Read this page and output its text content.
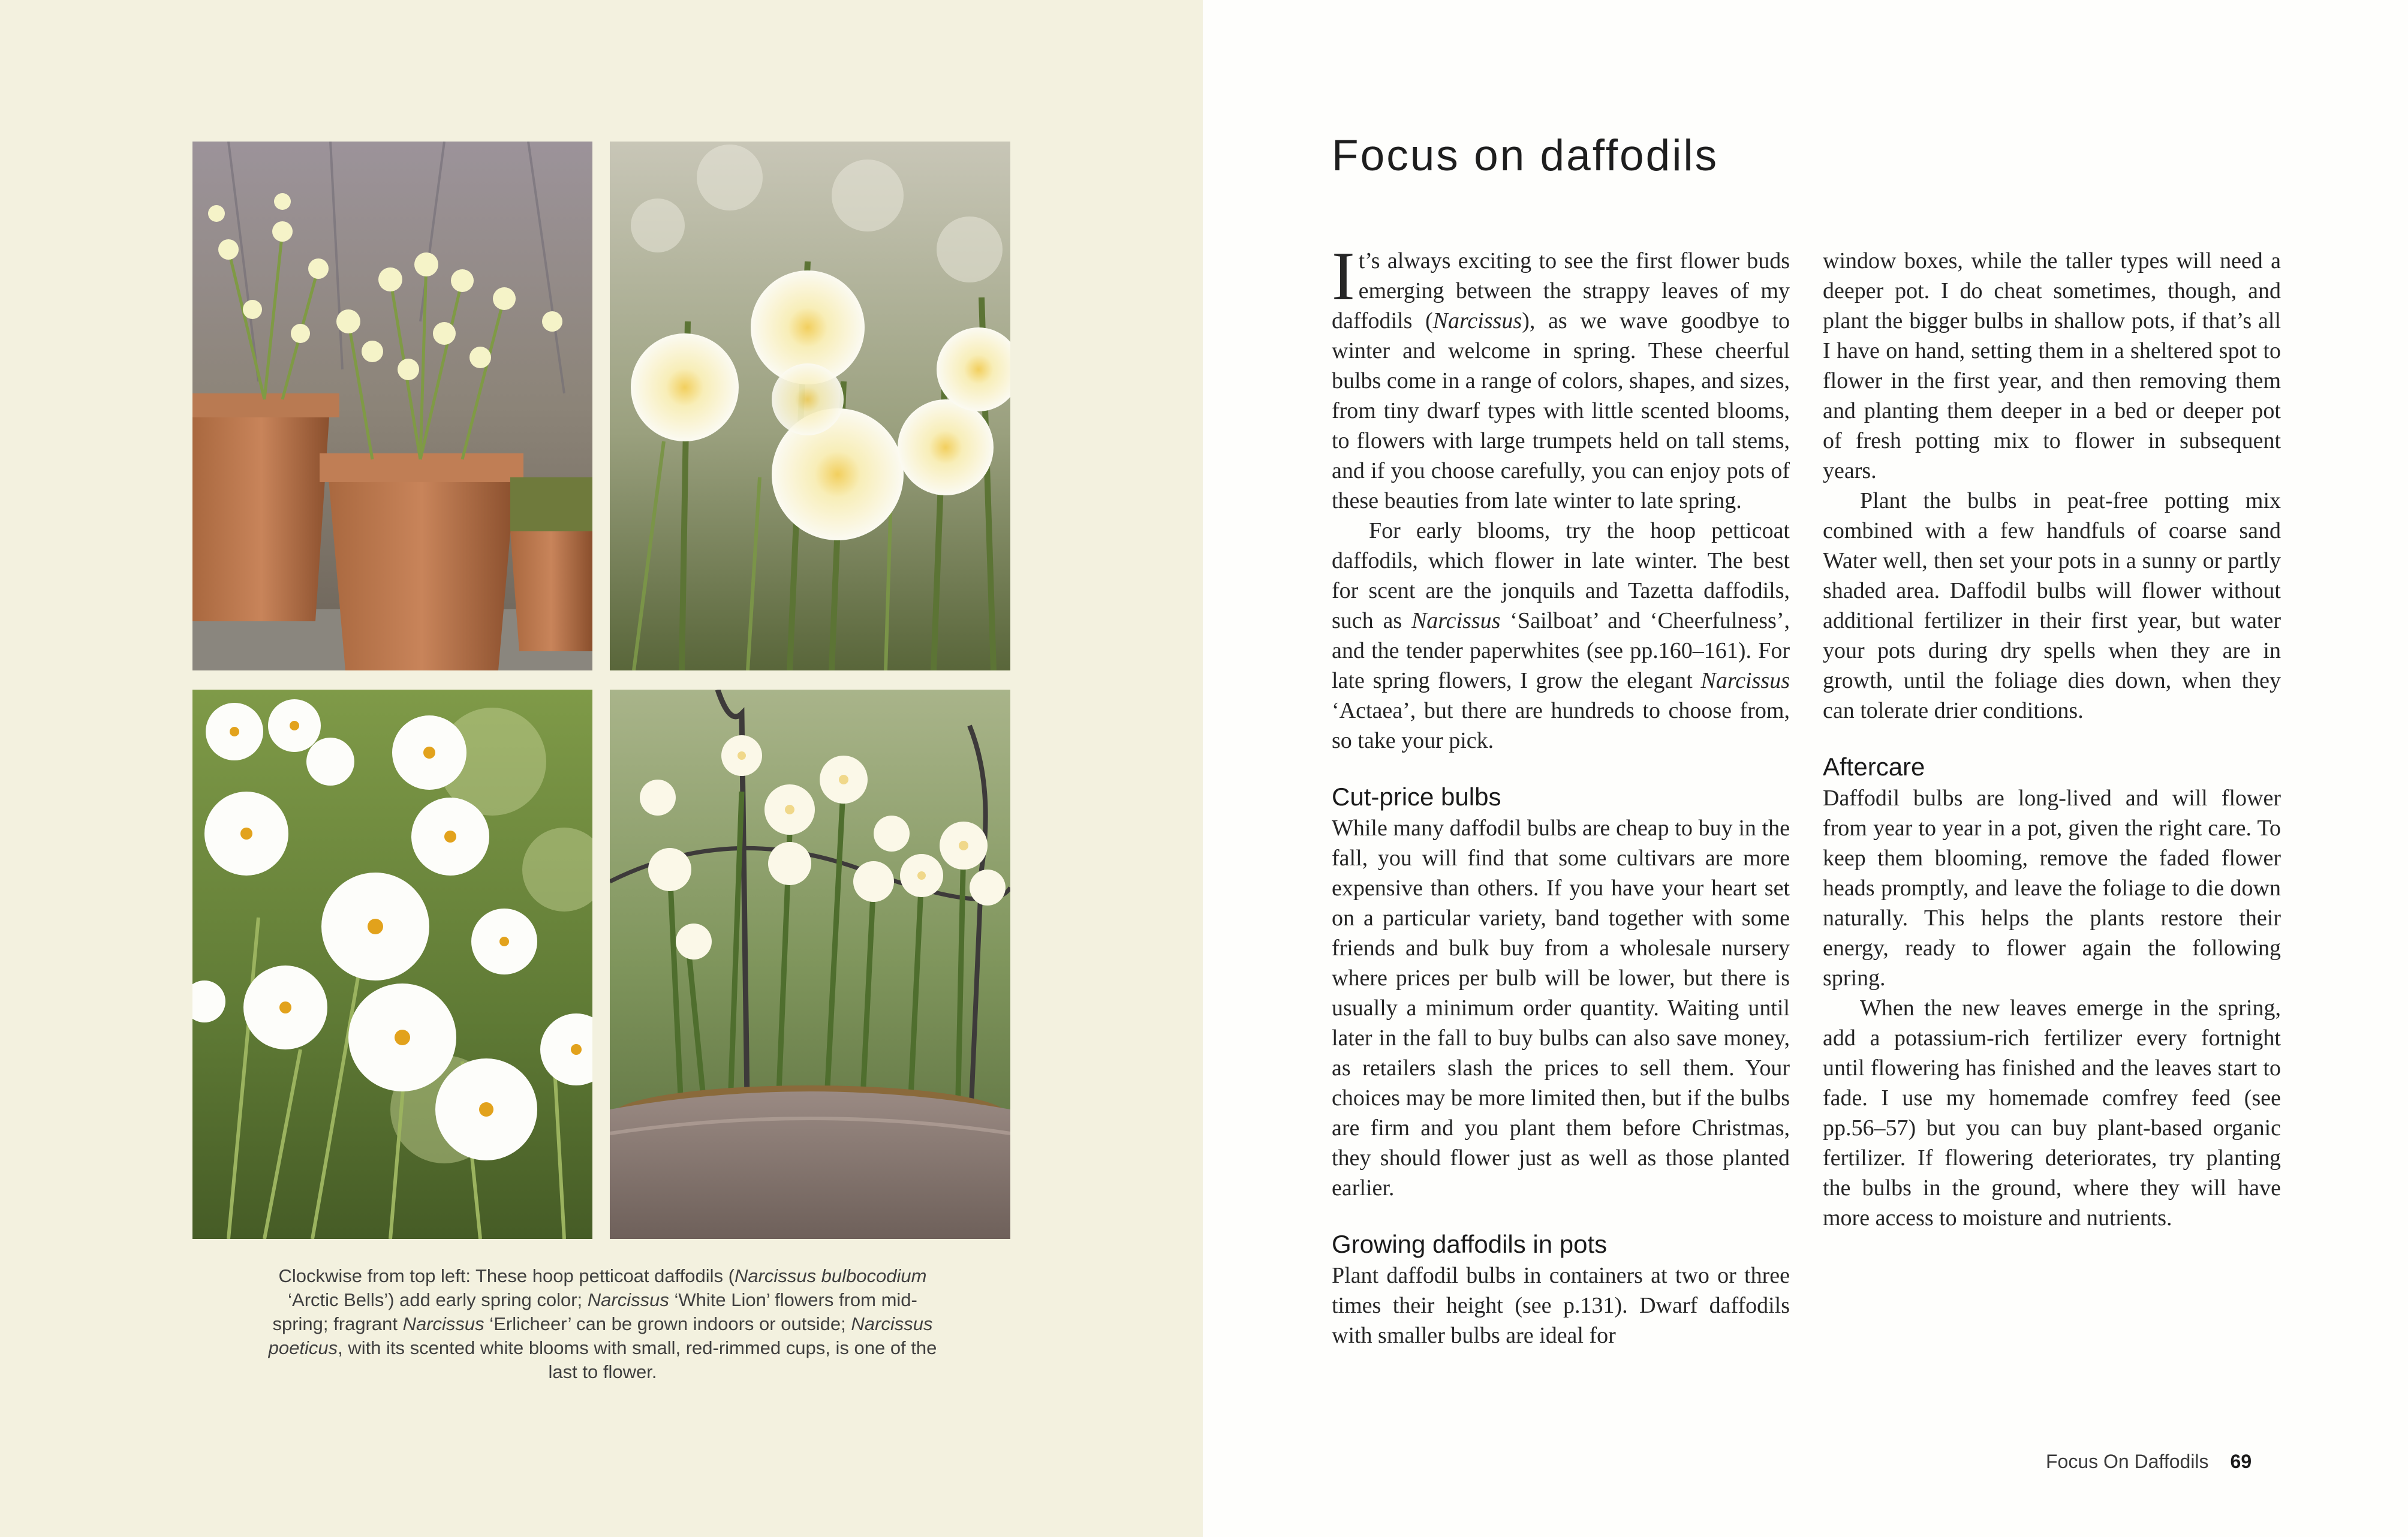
Clockwise from top left: These hoop petticoat daffodils (Narcissus bulbocodium ‘Arctic Bells’) add early spring color; Narcissus ‘White Lion’ flowers from mid-spring; fragrant Narcissus ‘Erlicheer’ can be grown indoors or outside; Narcissus poeticus, with its scented white blooms with small, red-rimmed cups, is one of the last to flower.

Focus on daffodils

It’s always exciting to see the first flower buds emerging between the strappy leaves of my daffodils (Narcissus), as we wave goodbye to winter and welcome in spring. These cheerful bulbs come in a range of colors, shapes, and sizes, from tiny dwarf types with little scented blooms, to flowers with large trumpets held on tall stems, and if you choose carefully, you can enjoy pots of these beauties from late winter to late spring.

For early blooms, try the hoop petticoat daffodils, which flower in late winter. The best for scent are the jonquils and Tazetta daffodils, such as Narcissus ‘Sailboat’ and ‘Cheerfulness’, and the tender paperwhites (see pp.160–161). For late spring flowers, I grow the elegant Narcissus ‘Actaea’, but there are hundreds to choose from, so take your pick.

Cut-price bulbs

While many daffodil bulbs are cheap to buy in the fall, you will find that some cultivars are more expensive than others. If you have your heart set on a particular variety, band together with some friends and bulk buy from a wholesale nursery where prices per bulb will be lower, but there is usually a minimum order quantity. Waiting until later in the fall to buy bulbs can also save money, as retailers slash the prices to sell them. Your choices may be more limited then, but if the bulbs are firm and you plant them before Christmas, they should flower just as well as those planted earlier.

Growing daffodils in pots

Plant daffodil bulbs in containers at two or three times their height (see p.131). Dwarf daffodils with smaller bulbs are ideal for

window boxes, while the taller types will need a deeper pot. I do cheat sometimes, though, and plant the bigger bulbs in shallow pots, if that’s all I have on hand, setting them in a sheltered spot to flower in the first year, and then removing them and planting them deeper in a bed or deeper pot of fresh potting mix to flower in subsequent years.

Plant the bulbs in peat-free potting mix combined with a few handfuls of coarse sand Water well, then set your pots in a sunny or partly shaded area. Daffodil bulbs will flower without additional fertilizer in their first year, but water your pots during dry spells when they are in growth, until the foliage dies down, when they can tolerate drier conditions.

Aftercare

Daffodil bulbs are long-lived and will flower from year to year in a pot, given the right care. To keep them blooming, remove the faded flower heads promptly, and leave the foliage to die down naturally. This helps the plants restore their energy, ready to flower again the following spring.

When the new leaves emerge in the spring, add a potassium-rich fertilizer every fortnight until flowering has finished and the leaves start to fade. I use my homemade comfrey feed (see pp.56–57) but you can buy plant-based organic fertilizer. If flowering deteriorates, try planting the bulbs in the ground, where they will have more access to moisture and nutrients.

Focus On Daffodils 69
